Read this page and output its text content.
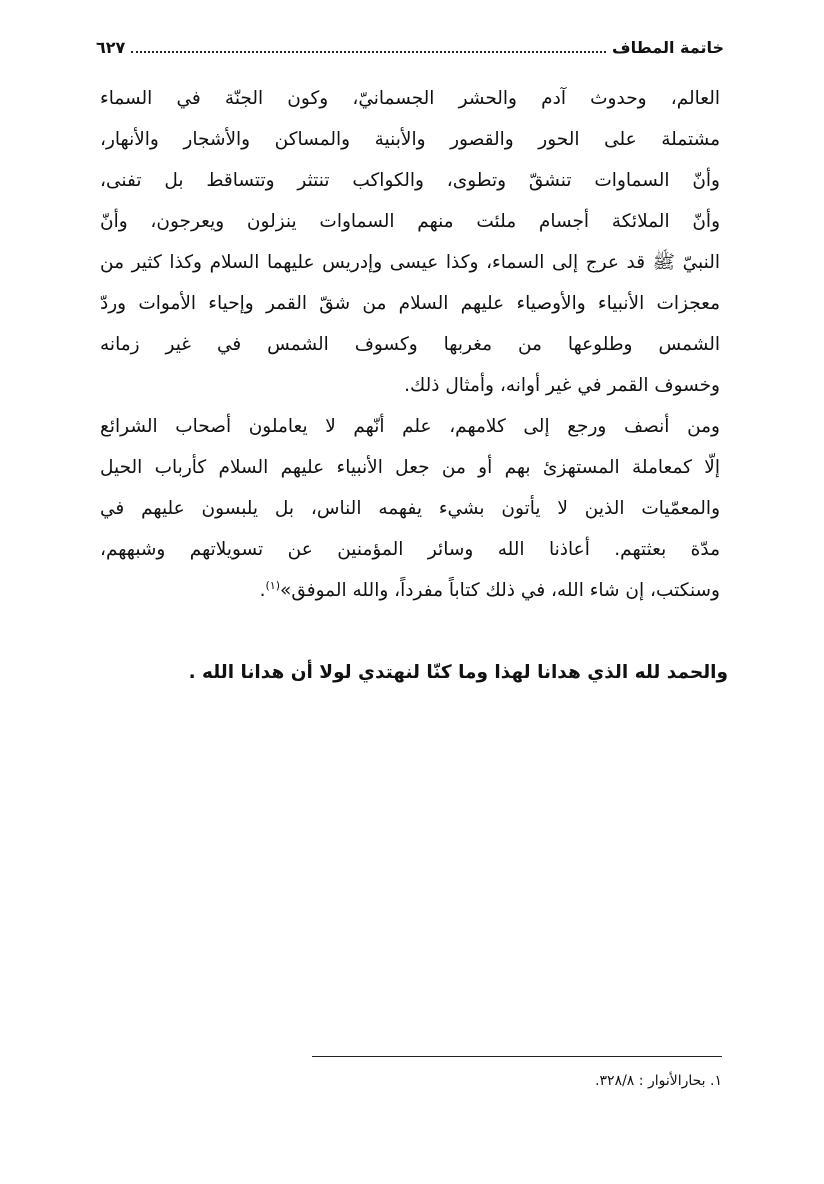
خاتمة المطاف
٦٢٧
العالم، وحدوث آدم والحشر الجسمانيّ، وكون الجنّة في السماء
مشتملة على الحور والقصور والأبنية والمساكن والأشجار والأنهار،
وأنّ السماوات تنشقّ وتطوى، والكواكب تنتثر وتتساقط بل تفنى،
وأنّ الملائكة أجسام ملئت منهم السماوات ينزلون ويعرجون، وأنّ
النبيّ ﷺ قد عرج إلى السماء، وكذا عيسى وإدريس عليهما السلام وكذا كثير من
معجزات الأنبياء والأوصياء عليهم السلام من شقّ القمر وإحياء الأموات وردّ
الشمس وطلوعها من مغربها وكسوف الشمس في غير زمانه
وخسوف القمر في غير أوانه، وأمثال ذلك.
ومن أنصف ورجع إلى كلامهم، علم أنّهم لا يعاملون أصحاب الشرائع
إلّا كمعاملة المستهزئ بهم أو من جعل الأنبياء عليهم السلام كأرباب الحيل
والمعمّيات الذين لا يأتون بشيء يفهمه الناس، بل يلبسون عليهم في
مدّة بعثتهم. أعاذنا الله وسائر المؤمنين عن تسويلاتهم وشبههم،
وسنكتب، إن شاء الله، في ذلك كتاباً مفرداً، والله الموفق»$^{(١)}$.
والحمد لله الذي هدانا لهذا وما كنّا لنهتدي لولا أن هدانا الله .
١. بحارالأنوار : ٣٢٨/٨.
